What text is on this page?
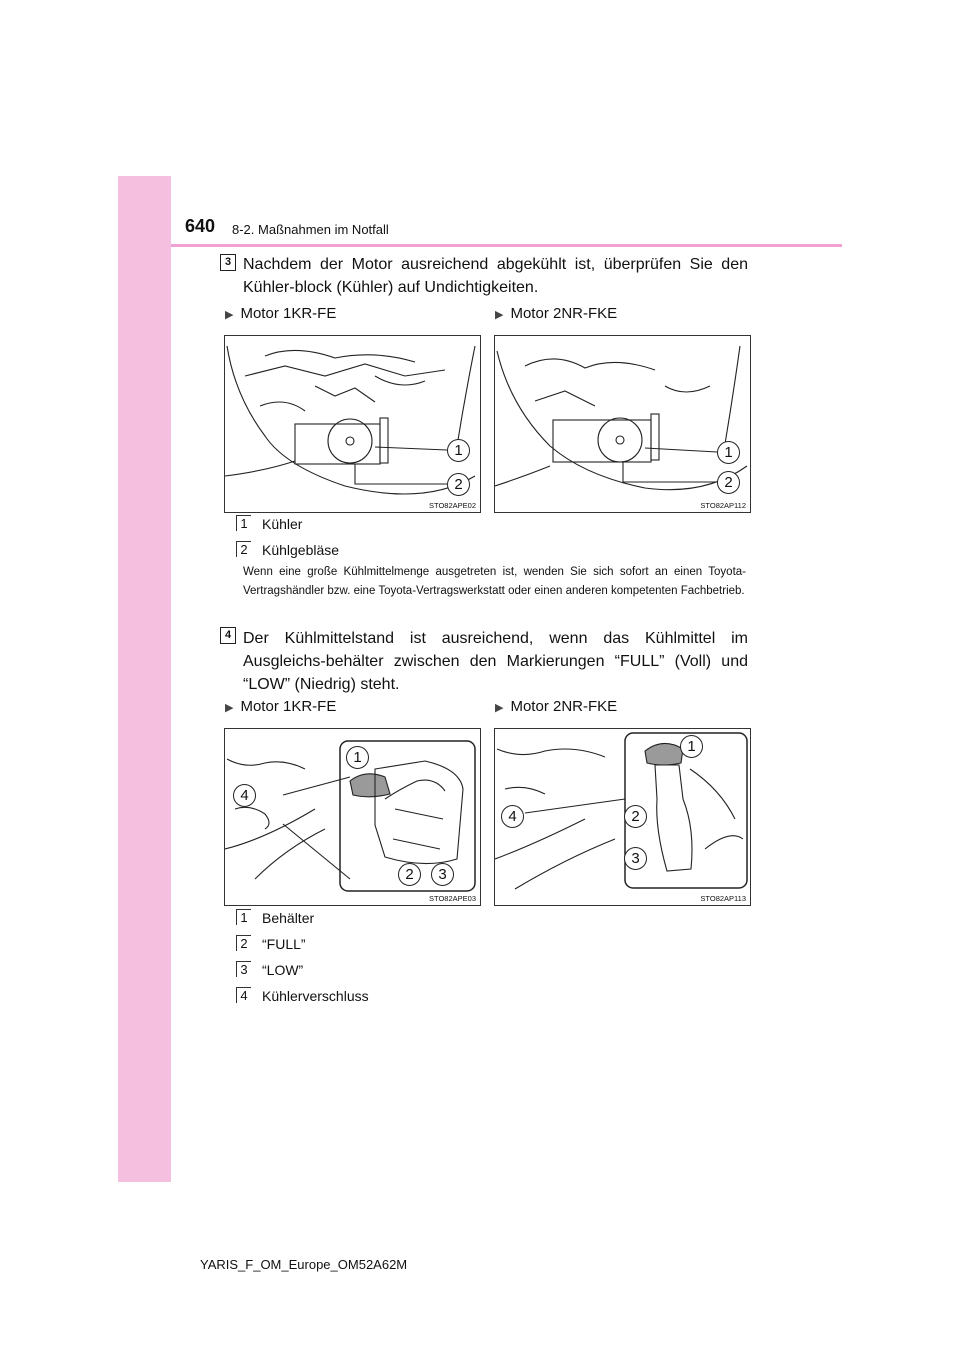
640 8-2. Maßnahmen im Notfall
3 Nachdem der Motor ausreichend abgekühlt ist, überprüfen Sie den Kühler-block (Kühler) auf Undichtigkeiten.
▶ Motor 1KR-FE	▶ Motor 2NR-FKE
1
2
STO82APE02
1
2
STO82AP112
1 Kühler
2 Kühlgebläse
Wenn eine große Kühlmittelmenge ausgetreten ist, wenden Sie sich sofort an einen Toyota-Vertragshändler bzw. eine Toyota-Vertragswerkstatt oder einen anderen kompetenten Fachbetrieb.
4 Der Kühlmittelstand ist ausreichend, wenn das Kühlmittel im Ausgleichs-behälter zwischen den Markierungen “FULL” (Voll) und “LOW” (Niedrig) steht.
▶ Motor 1KR-FE	▶ Motor 2NR-FKE
1
2	3
4
STO82APE03
1
2
3
4
STO82AP113
1 Behälter
2 “FULL”
3 “LOW”
4 Kühlerverschluss
YARIS_F_OM_Europe_OM52A62M
